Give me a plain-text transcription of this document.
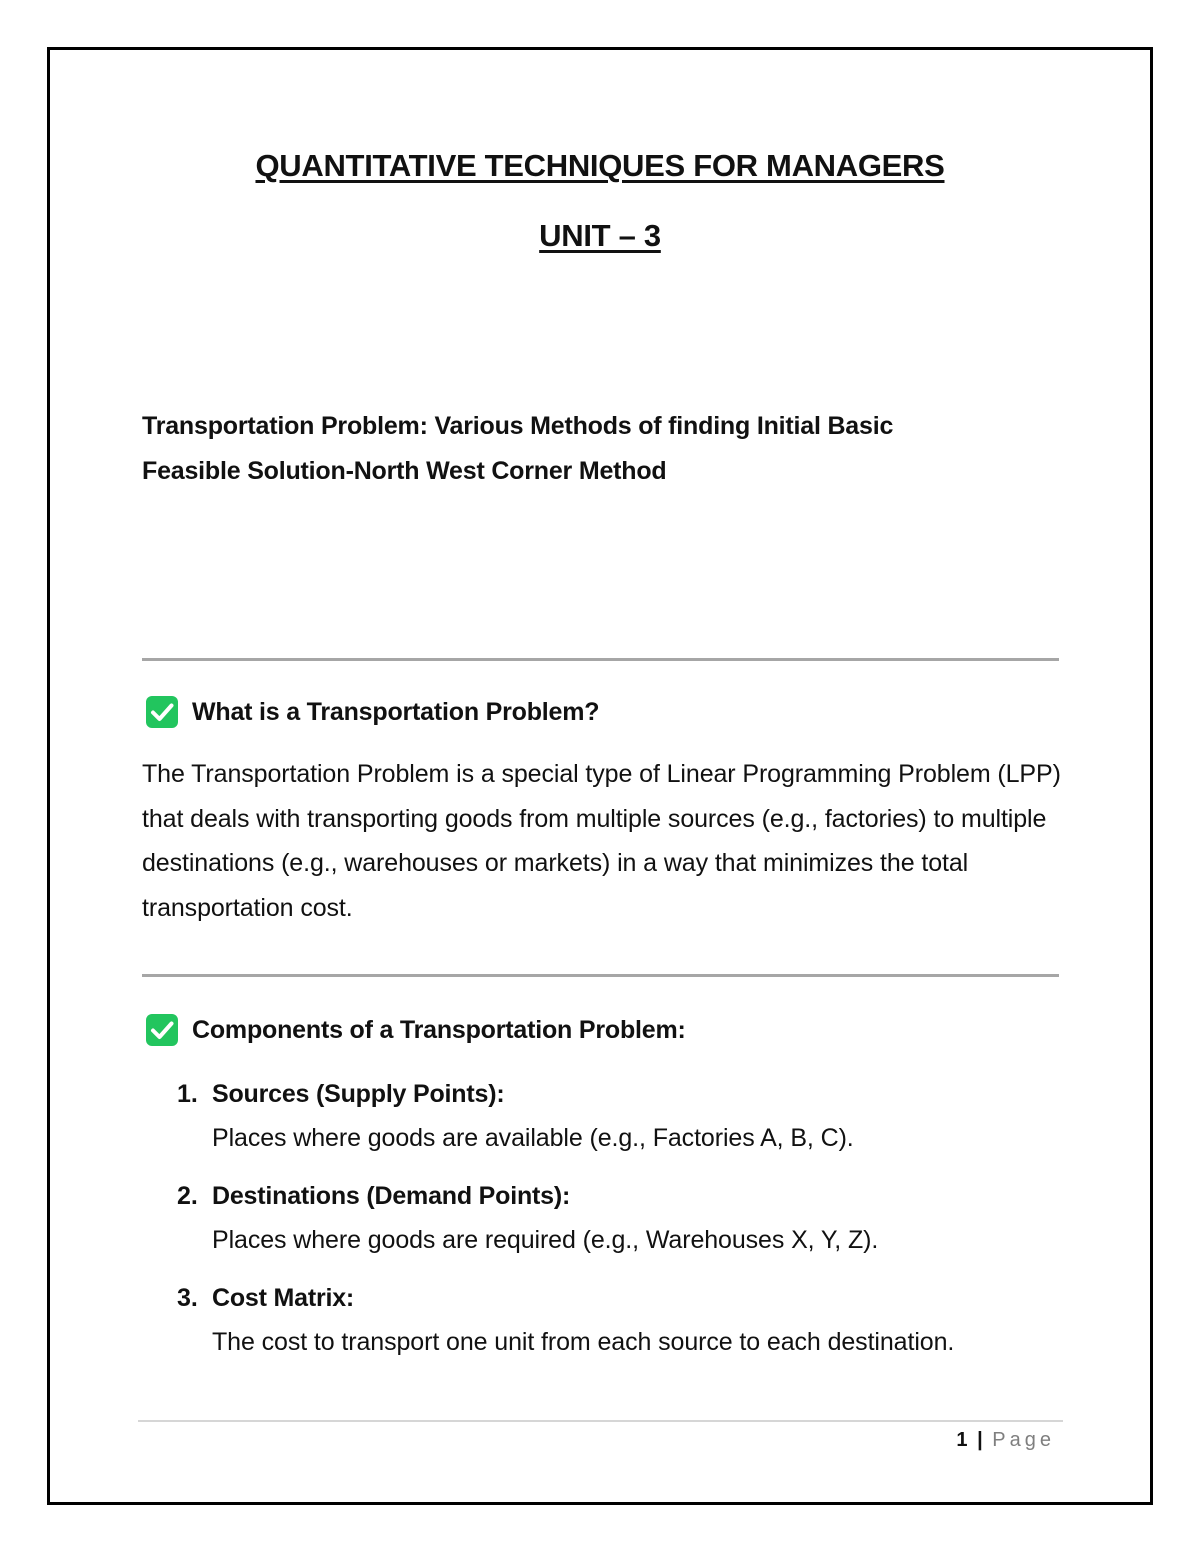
QUANTITATIVE TECHNIQUES FOR MANAGERS
UNIT – 3
Transportation Problem: Various Methods of finding Initial Basic
Feasible Solution-North West Corner Method
What is a Transportation Problem?
The Transportation Problem is a special type of Linear Programming Problem (LPP) that deals with transporting goods from multiple sources (e.g., factories) to multiple destinations (e.g., warehouses or markets) in a way that minimizes the total transportation cost.
Components of a Transportation Problem:
1. Sources (Supply Points):
Places where goods are available (e.g., Factories A, B, C).
2. Destinations (Demand Points):
Places where goods are required (e.g., Warehouses X, Y, Z).
3. Cost Matrix:
The cost to transport one unit from each source to each destination.
1 | Page
